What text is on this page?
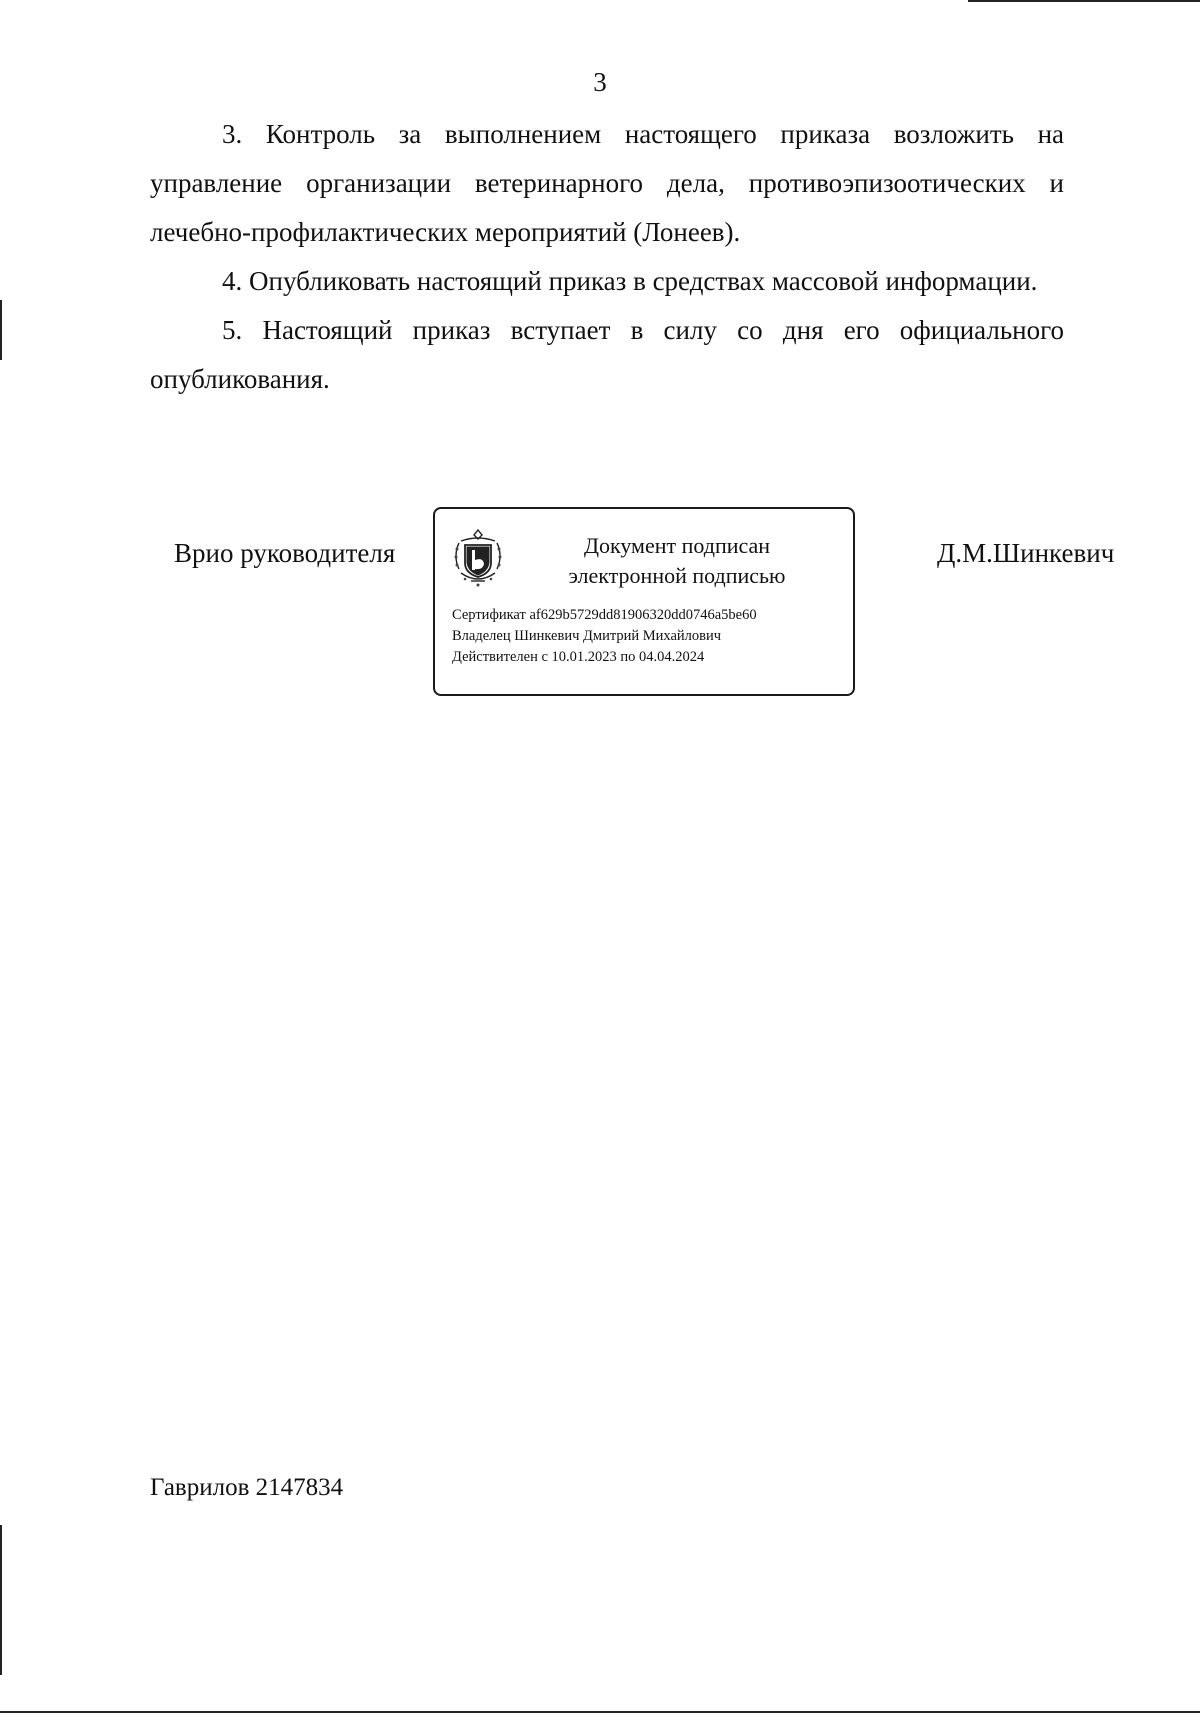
3

3. Контроль за выполнением настоящего приказа возложить на управление организации ветеринарного дела, противоэпизоотических и лечебно-профилактических мероприятий (Лонеев).

4. Опубликовать настоящий приказ в средствах массовой информации.

5. Настоящий приказ вступает в силу со дня его официального опубликования.

Врио руководителя	Документ подписан
электронной подписью
Сертификат af629b5729dd81906320dd0746a5be60
Владелец Шинкевич Дмитрий Михайлович
Действителен с 10.01.2023 по 04.04.2024
Д.М.Шинкевич
Гаврилов 2147834
